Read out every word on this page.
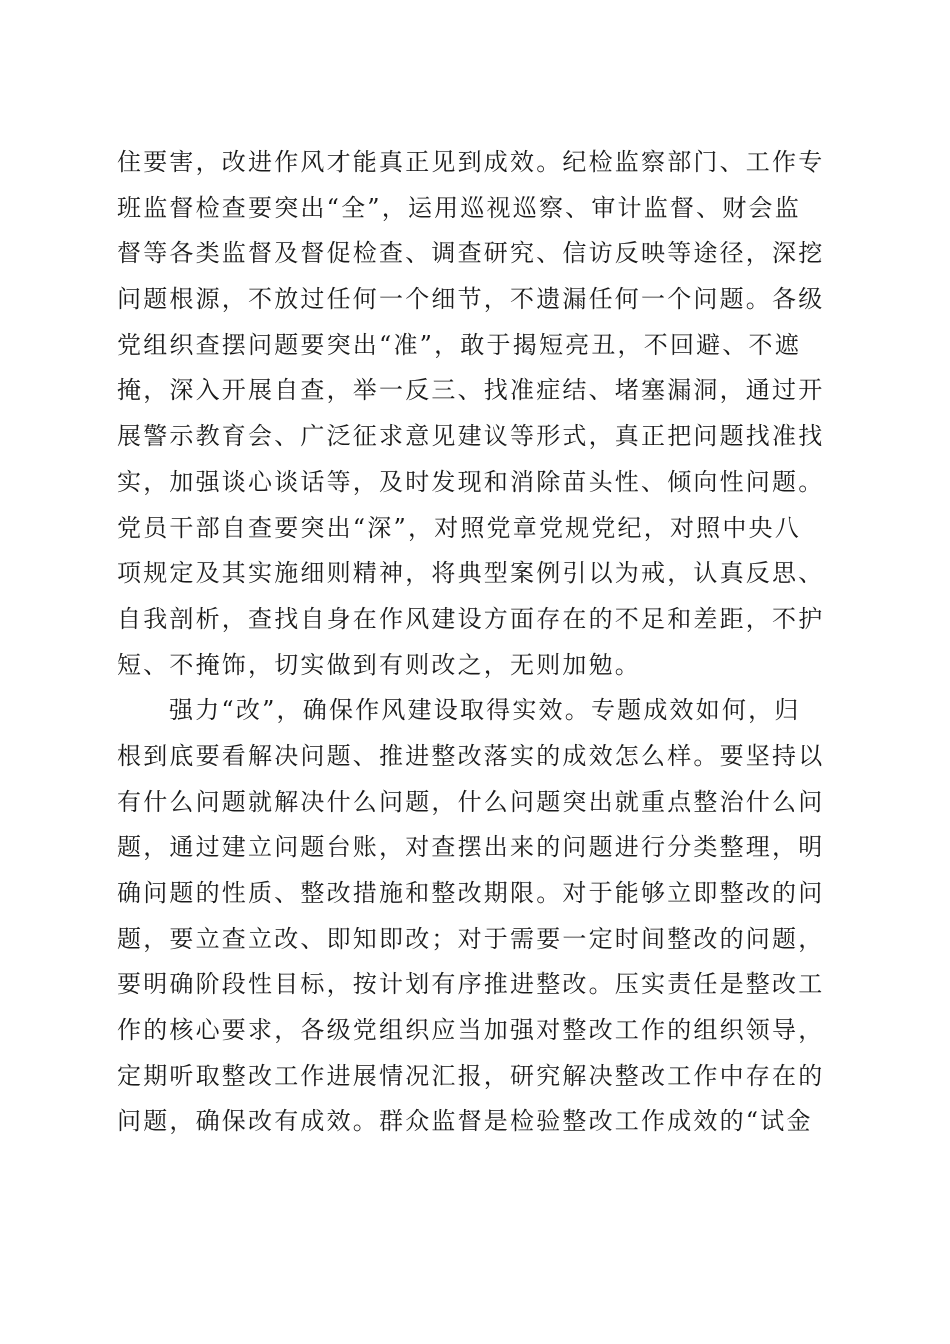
住要害，改进作风才能真正见到成效。纪检监察部门、工作专
班监督检查要突出“全”，运用巡视巡察、审计监督、财会监
督等各类监督及督促检查、调查研究、信访反映等途径，深挖
问题根源，不放过任何一个细节，不遗漏任何一个问题。各级
党组织查摆问题要突出“准”，敢于揭短亮丑，不回避、不遮
掩，深入开展自查，举一反三、找准症结、堵塞漏洞，通过开
展警示教育会、广泛征求意见建议等形式，真正把问题找准找
实，加强谈心谈话等，及时发现和消除苗头性、倾向性问题。
党员干部自查要突出“深”，对照党章党规党纪，对照中央八
项规定及其实施细则精神，将典型案例引以为戒，认真反思、
自我剖析，查找自身在作风建设方面存在的不足和差距，不护
短、不掩饰，切实做到有则改之，无则加勉。
强力“改”，确保作风建设取得实效。专题成效如何，归
根到底要看解决问题、推进整改落实的成效怎么样。要坚持以
有什么问题就解决什么问题，什么问题突出就重点整治什么问
题，通过建立问题台账，对查摆出来的问题进行分类整理，明
确问题的性质、整改措施和整改期限。对于能够立即整改的问
题，要立查立改、即知即改；对于需要一定时间整改的问题，
要明确阶段性目标，按计划有序推进整改。压实责任是整改工
作的核心要求，各级党组织应当加强对整改工作的组织领导，
定期听取整改工作进展情况汇报，研究解决整改工作中存在的
问题，确保改有成效。群众监督是检验整改工作成效的“试金
